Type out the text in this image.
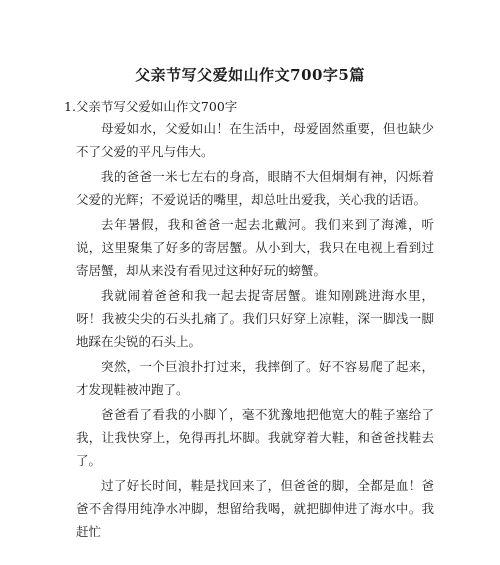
父亲节写父爱如山作文700字5篇

1.父亲节写父爱如山作文700字

母爱如水，父爱如山！在生活中，母爱固然重要，但也缺少不了父爱的平凡与伟大。

我的爸爸一米七左右的身高，眼睛不大但炯炯有神，闪烁着父爱的光辉；不爱说话的嘴里，却总吐出爱我，关心我的话语。

去年暑假，我和爸爸一起去北戴河。我们来到了海滩，听说，这里聚集了好多的寄居蟹。从小到大，我只在电视上看到过寄居蟹，却从来没有看见过这种好玩的螃蟹。

我就闹着爸爸和我一起去捉寄居蟹。谁知刚跳进海水里，呀！我被尖尖的石头扎痛了。我们只好穿上凉鞋，深一脚浅一脚地踩在尖锐的石头上。

突然，一个巨浪扑打过来，我摔倒了。好不容易爬了起来，才发现鞋被冲跑了。

爸爸看了看我的小脚丫，毫不犹豫地把他宽大的鞋子塞给了我，让我快穿上，免得再扎坏脚。我就穿着大鞋，和爸爸找鞋去了。

过了好长时间，鞋是找回来了，但爸爸的脚，全都是血！爸爸不舍得用纯净水冲脚，想留给我喝，就把脚伸进了海水中。我赶忙
